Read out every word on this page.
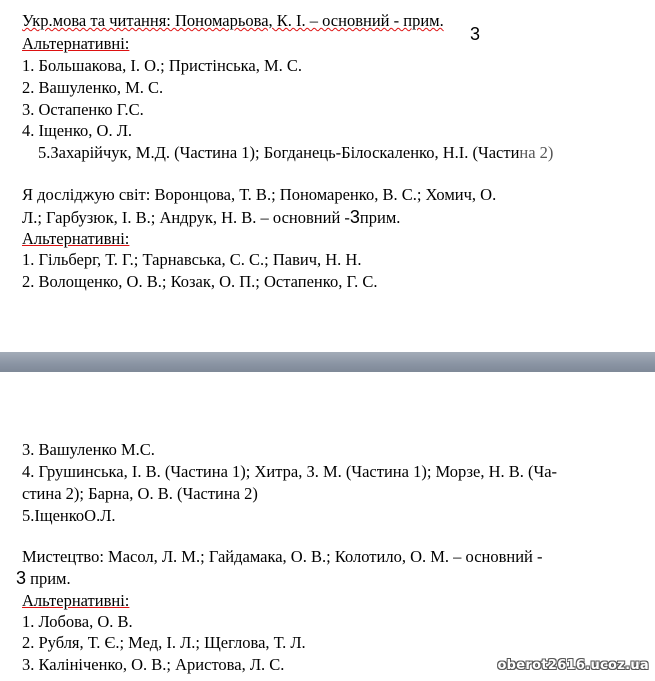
Укр.мова та читання: Пономарьова, К. І. – основний - прим.
3
Альтернативні:
1. Большакова, І. О.; Пристінська, М. С.
2. Вашуленко, М. С.
3. Остапенко Г.С.
4. Іщенко, О. Л.
5.Захарійчук, М.Д. (Частина 1); Богданець-Білоскаленко, Н.І. (Частина 2)
Я досліджую світ: Воронцова, Т. В.; Пономаренко, В. С.; Хомич, О.
Л.; Гарбузюк, І. В.; Андрук, Н. В. – основний -3прим.
Альтернативні:
1. Гільберг, Т. Г.; Тарнавська, С. С.; Павич, Н. Н.
2. Волощенко, О. В.; Козак, О. П.; Остапенко, Г. С.
3. Вашуленко М.С.
4. Грушинська, І. В. (Частина 1); Хитра, З. М. (Частина 1); Морзе, Н. В. (Ча-
стина 2); Барна, О. В. (Частина 2)
5.ІщенкоО.Л.
Мистецтво: Масол, Л. М.; Гайдамака, О. В.; Колотило, О. М. – основний -
3 прим.
Альтернативні:
1. Лобова, О. В.
2. Рубля, Т. Є.; Мед, І. Л.; Щеглова, Т. Л.
3. Калініченко, О. В.; Аристова, Л. С.	oberot2616.ucoz.ua
